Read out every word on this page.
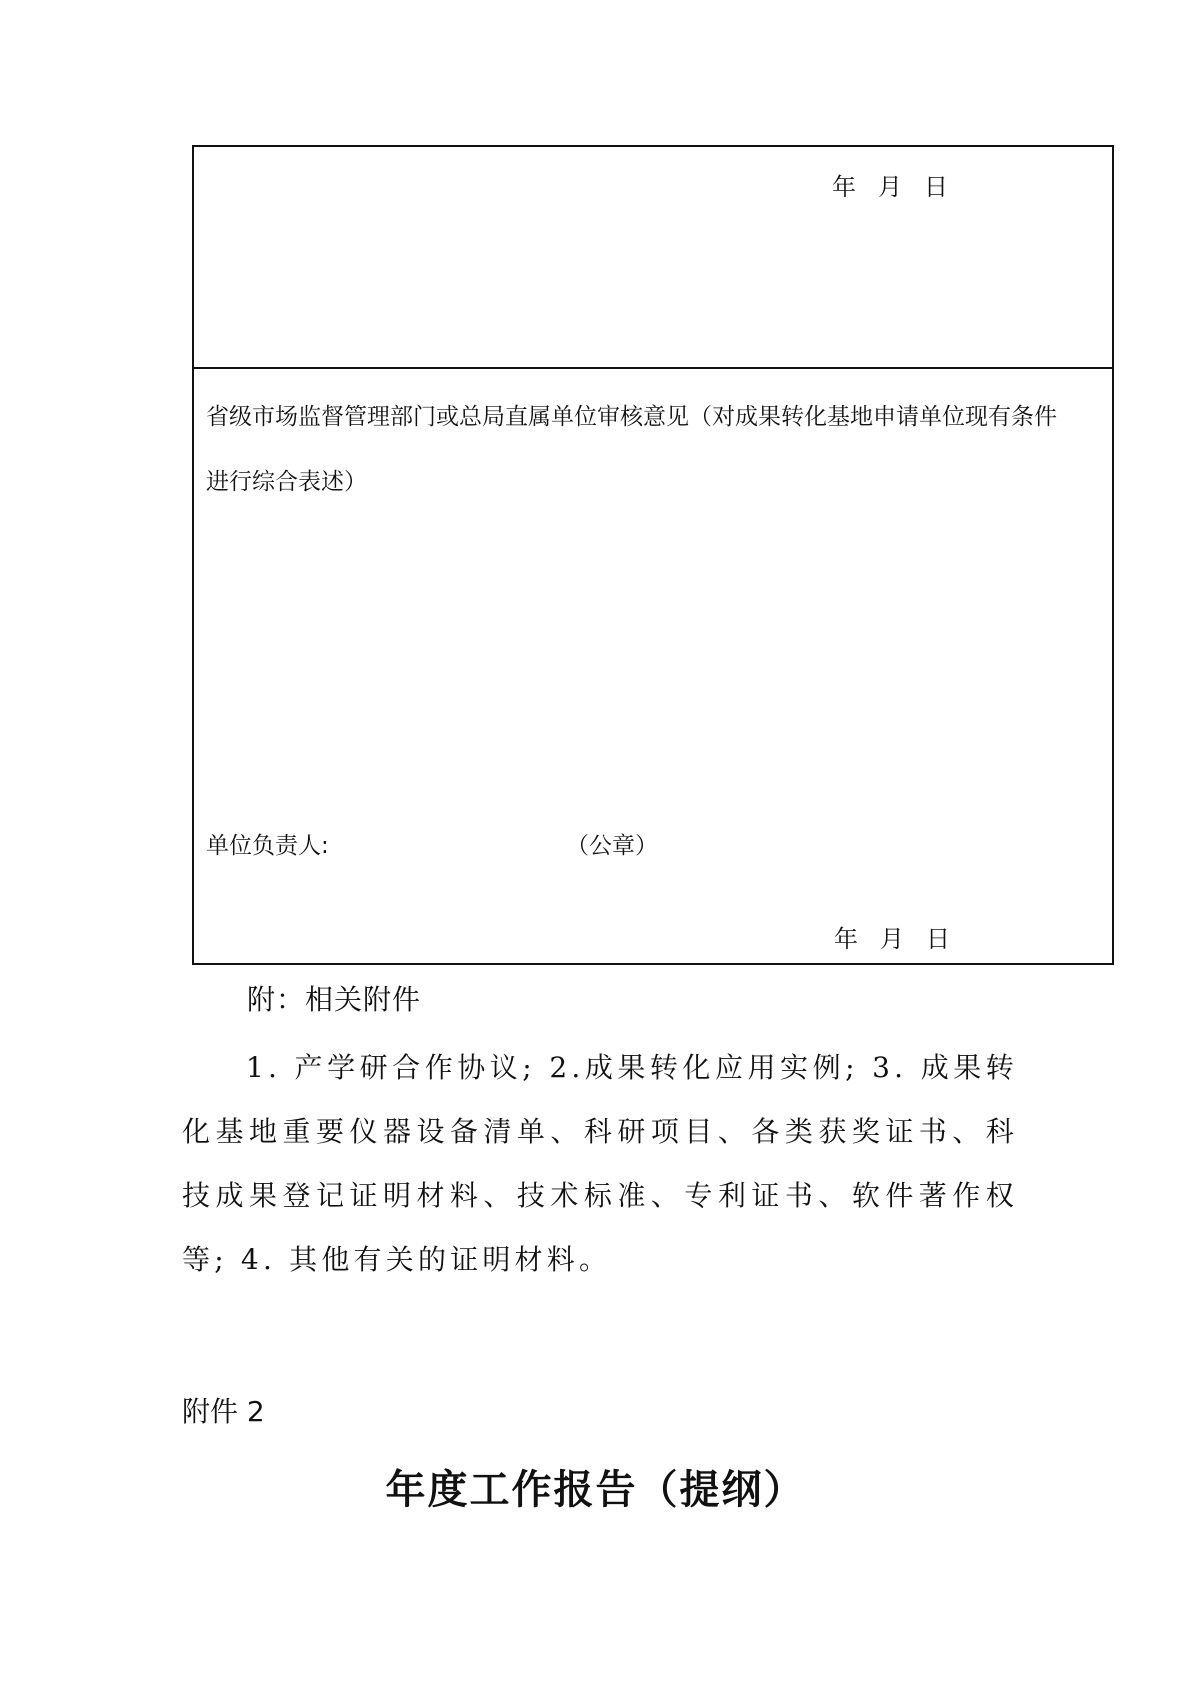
年 月 日
省级市场监督管理部门或总局直属单位审核意见（对成果转化基地申请单位现有条件
进行综合表述）
单位负责人:	（公章）
年 月 日
附：相关附件
1. 产学研合作协议; 2.成果转化应用实例; 3. 成果转化基地重要仪器设备清单、科研项目、各类获奖证书、科技成果登记证明材料、技术标准、专利证书、软件著作权等; 4. 其他有关的证明材料。
附件 2
年度工作报告（提纲）
